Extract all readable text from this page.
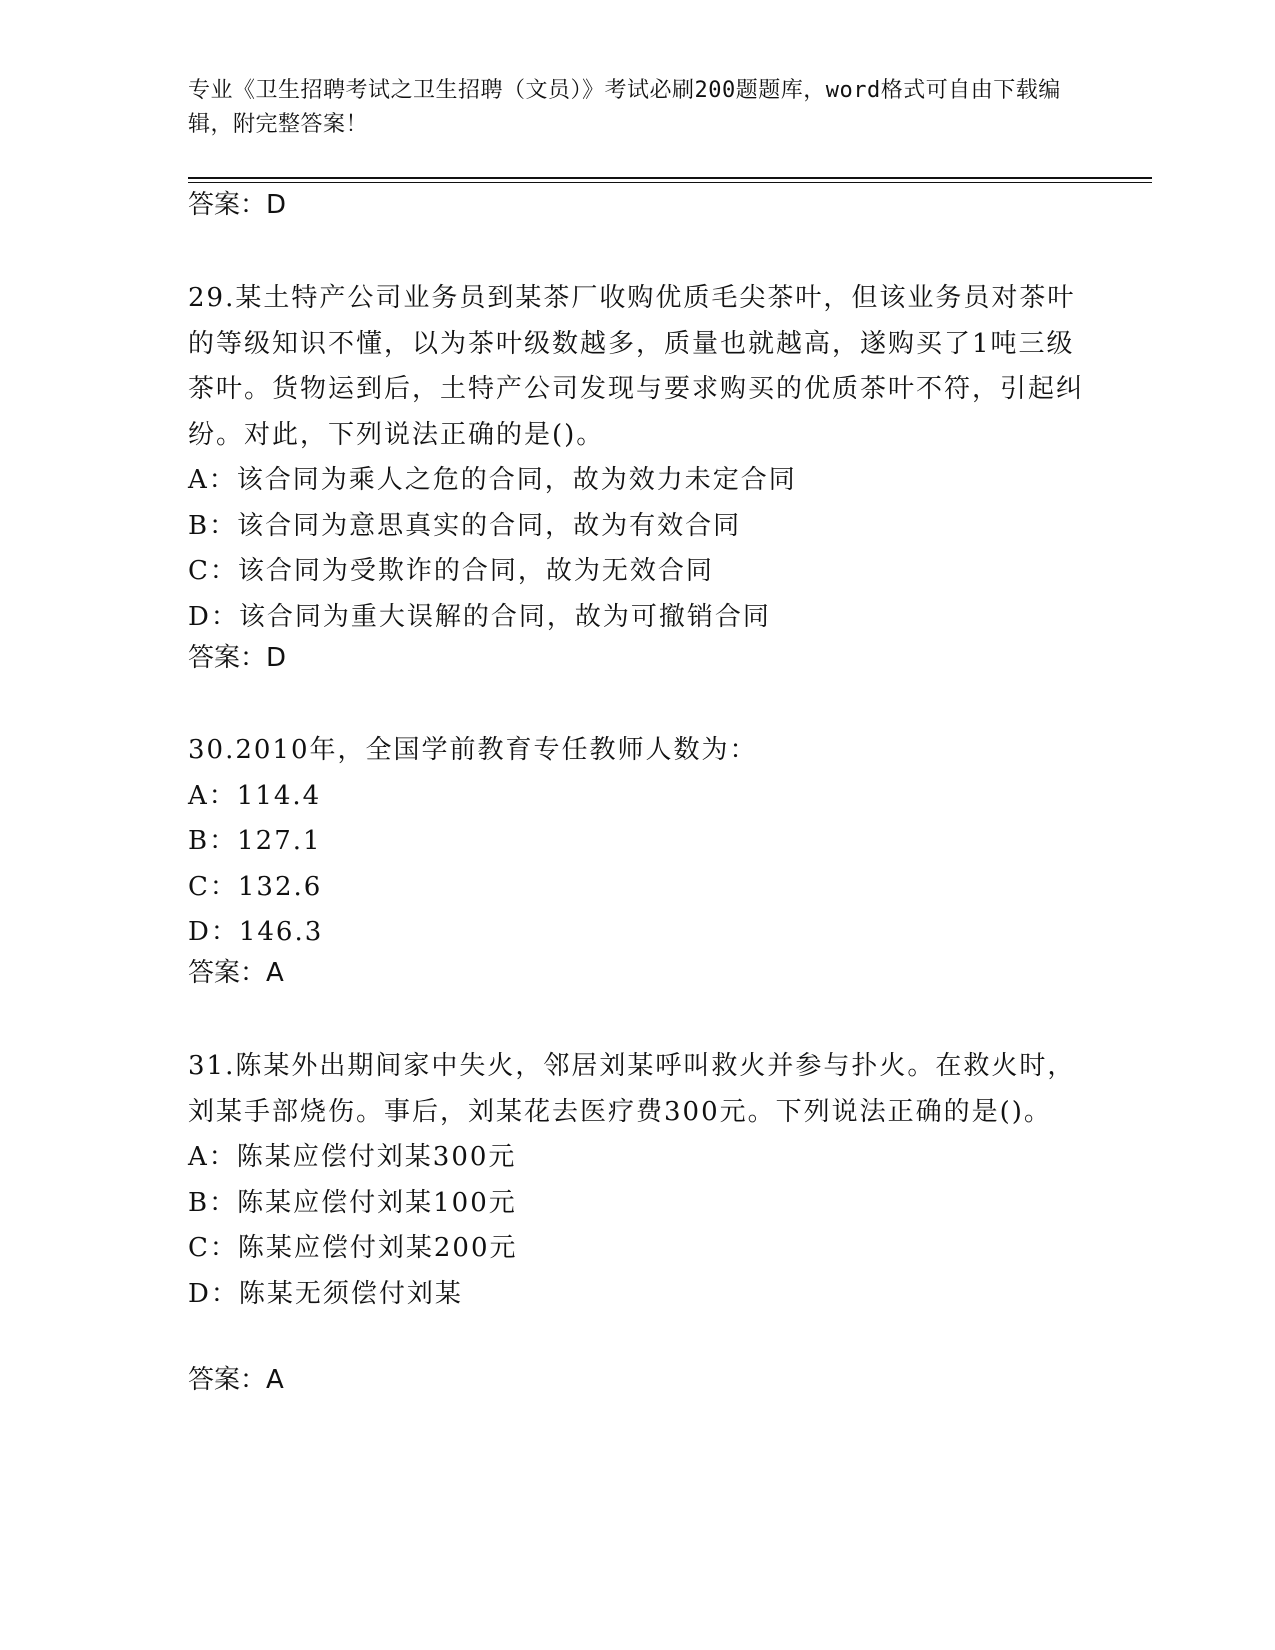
专业《卫生招聘考试之卫生招聘（文员）》考试必刷200题题库，word格式可自由下载编辑，附完整答案！
答案：D

29.某土特产公司业务员到某茶厂收购优质毛尖茶叶，但该业务员对茶叶的等级知识不懂，以为茶叶级数越多，质量也就越高，遂购买了1吨三级茶叶。货物运到后，土特产公司发现与要求购买的优质茶叶不符，引起纠纷。对此，下列说法正确的是()。

A：该合同为乘人之危的合同，故为效力未定合同

B：该合同为意思真实的合同，故为有效合同

C：该合同为受欺诈的合同，故为无效合同

D：该合同为重大误解的合同，故为可撤销合同

答案：D

30.2010年，全国学前教育专任教师人数为：

A：114.4

B：127.1

C：132.6

D：146.3

答案：A

31.陈某外出期间家中失火，邻居刘某呼叫救火并参与扑火。在救火时，刘某手部烧伤。事后，刘某花去医疗费300元。下列说法正确的是()。

A：陈某应偿付刘某300元

B：陈某应偿付刘某100元

C：陈某应偿付刘某200元

D：陈某无须偿付刘某

答案：A
